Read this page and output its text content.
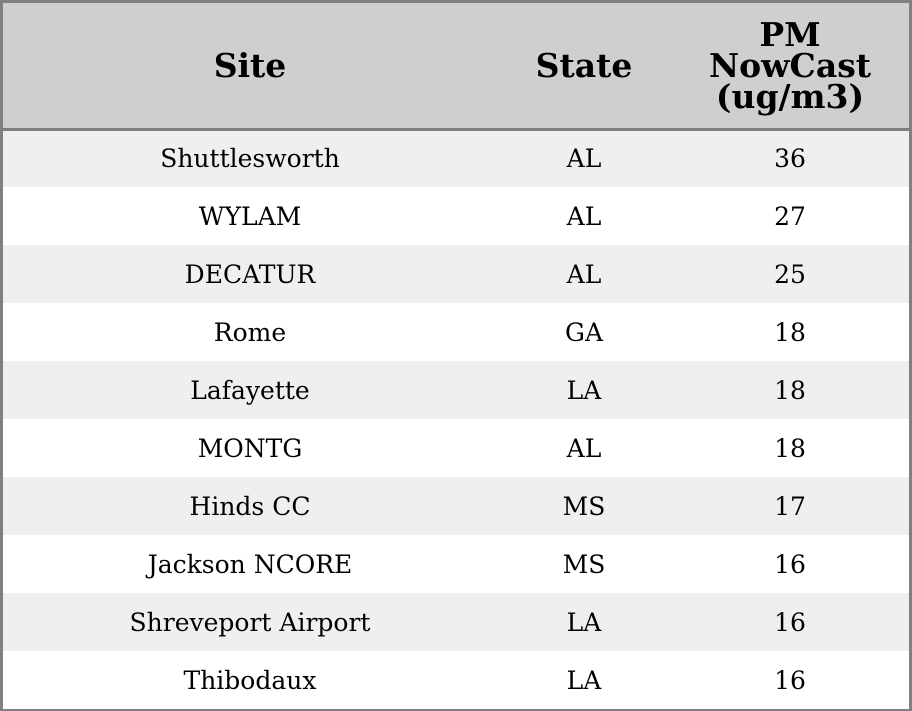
Site	State	PM
NowCast
(ug/m3)

Shuttlesworth	AL	36
WYLAM	AL	27
DECATUR	AL	25
Rome	GA	18
Lafayette	LA	18
MONTG	AL	18
Hinds CC	MS	17
Jackson NCORE	MS	16
Shreveport Airport	LA	16
Thibodaux	LA	16
